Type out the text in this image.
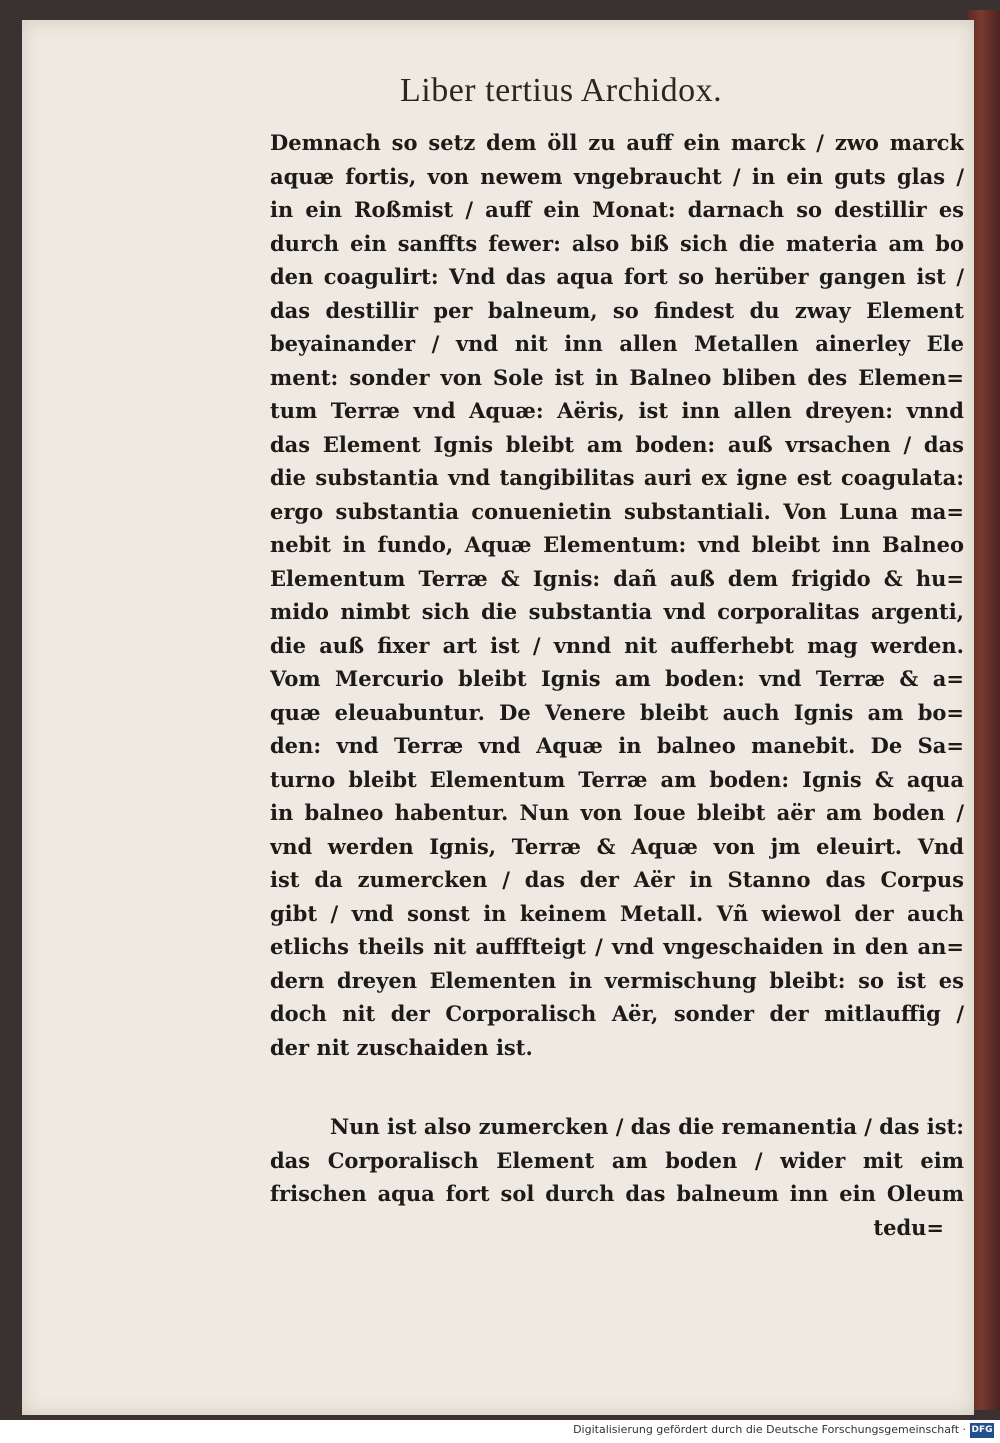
Liber tertius Archidox.
Demnach so setz dem öll zu auff ein marck / zwo marck
aquæ fortis, von newem vngebraucht / in ein guts glas /
in ein Roßmist / auff ein Monat: darnach so destillir es
durch ein sanffts fewer: also biß sich die materia am bo
den coagulirt: Vnd das aqua fort so herüber gangen ist /
das destillir per balneum, so findest du zway Element
beyainander / vnd nit inn allen Metallen ainerley Ele
ment: sonder von Sole ist in Balneo bliben des Elemen=
tum Terræ vnd Aquæ: Aëris, ist inn allen dreyen: vnnd
das Element Ignis bleibt am boden: auß vrsachen / das
die substantia vnd tangibilitas auri ex igne est coagulata:
ergo substantia conuenietin substantiali. Von Luna ma=
nebit in fundo, Aquæ Elementum: vnd bleibt inn Balneo
Elementum Terræ & Ignis: dañ auß dem frigido & hu=
mido nimbt sich die substantia vnd corporalitas argenti,
die auß fixer art ist / vnnd nit aufferhebt mag werden.
Vom Mercurio bleibt Ignis am boden: vnd Terræ & a=
quæ eleuabuntur. De Venere bleibt auch Ignis am bo=
den: vnd Terræ vnd Aquæ in balneo manebit. De Sa=
turno bleibt Elementum Terræ am boden: Ignis & aqua
in balneo habentur. Nun von Ioue bleibt aër am boden /
vnd werden Ignis, Terræ & Aquæ von jm eleuirt. Vnd
ist da zumercken / das der Aër in Stanno das Corpus
gibt / vnd sonst in keinem Metall. Vñ wiewol der auch
etlichs theils nit aufffteigt / vnd vngeschaiden in den an=
dern dreyen Elementen in vermischung bleibt: so ist es
doch nit der Corporalisch Aër, sonder der mitlauffig /
der nit zuschaiden ist.
Nun ist also zumercken / das die remanentia / das ist:
das Corporalisch Element am boden / wider mit eim
frischen aqua fort sol durch das balneum inn ein Oleum
tedu=
Digitalisierung gefördert durch die Deutsche Forschungsgemeinschaft · DFG
